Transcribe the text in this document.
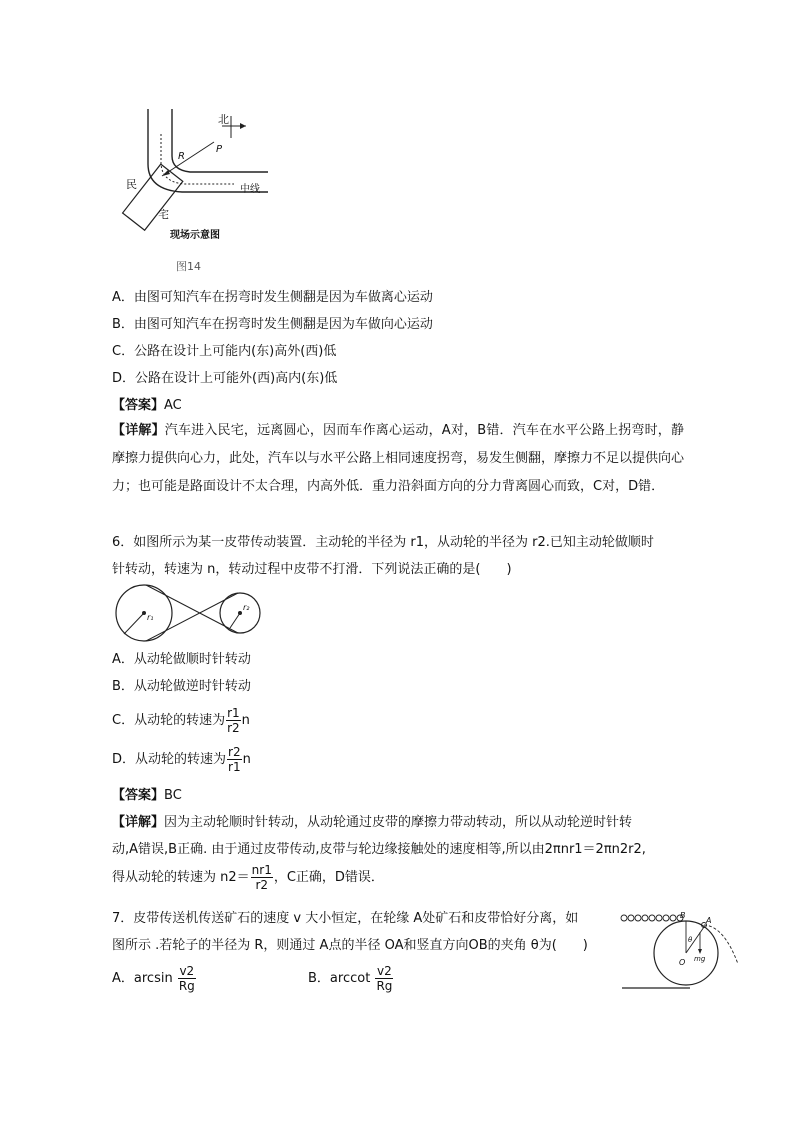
北
R
P
中线
民
宅
现场示意图
图14
A．由图可知汽车在拐弯时发生侧翻是因为车做离心运动
B．由图可知汽车在拐弯时发生侧翻是因为车做向心运动
C．公路在设计上可能内(东)高外(西)低
D．公路在设计上可能外(西)高内(东)低
【答案】AC
【详解】汽车进入民宅，远离圆心，因而车作离心运动，A对，B错．汽车在水平公路上拐弯时，静摩擦力提供向心力，此处，汽车以与水平公路上相同速度拐弯，易发生侧翻，摩擦力不足以提供向心力；也可能是路面设计不太合理，内高外低．重力沿斜面方向的分力背离圆心而致，C对，D错．
6．如图所示为某一皮带传动装置．主动轮的半径为 r1，从动轮的半径为 r2.已知主动轮做顺时
针转动，转速为 n，转动过程中皮带不打滑．下列说法正确的是(　　)
r₁
r₂
A．从动轮做顺时针转动
B．从动轮做逆时针转动
C．从动轮的转速为 $\frac{r1}{r2}$ n
D．从动轮的转速为 $\frac{r2}{r1}$ n
【答案】BC
【详解】因为主动轮顺时针转动，从动轮通过皮带的摩擦力带动转动，所以从动轮逆时针转
动,A错误,B正确. 由于通过皮带传动,皮带与轮边缘接触处的速度相等,所以由2πnr1＝2πn2r2,
得从动轮的转速为 $n2= \frac{nr1}{r2}$ ，C正确，D错误．
7．皮带传送机传送矿石的速度 v 大小恒定，在轮缘 A处矿石和皮带恰好分离，如
图所示 .若轮子的半径为 R，则通过 A点的半径 OA和竖直方向OB的夹角 θ为(　　)
B
A
O
θ
mg
A．$\arcsin \frac{v2}{Rg}$	B．arccot $\frac{v2}{Rg}$
